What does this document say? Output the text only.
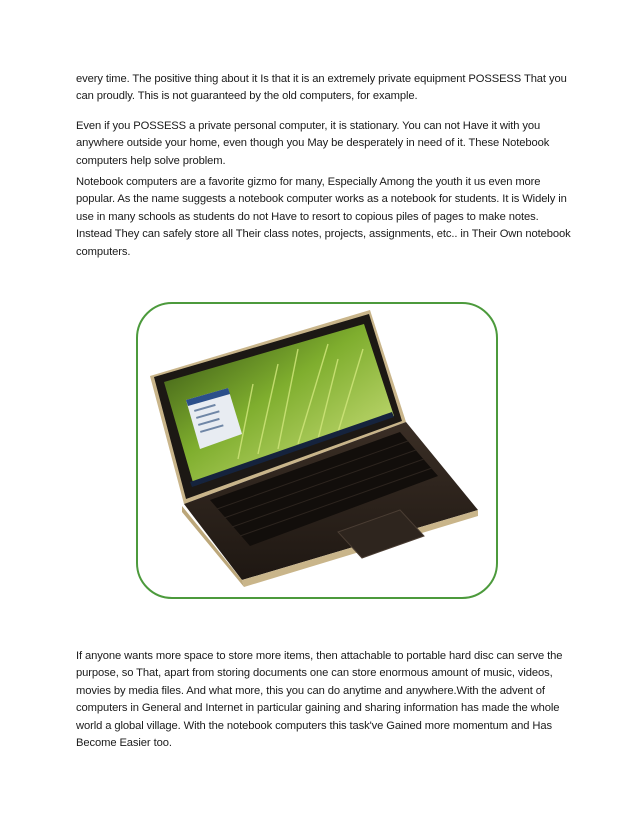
every time. The positive thing about it Is that it is an extremely private equipment POSSESS That you can proudly. This is not guaranteed by the old computers, for example.

Even if you POSSESS a private personal computer, it is stationary. You can not Have it with you anywhere outside your home, even though you May be desperately in need of it. These Notebook computers help solve problem.

Notebook computers are a favorite gizmo for many, Especially Among the youth it us even more popular. As the name suggests a notebook computer works as a notebook for students. It is Widely in use in many schools as students do not Have to resort to copious piles of pages to make notes. Instead They can safely store all Their class notes, projects, assignments, etc.. in Their Own notebook computers.

If anyone wants more space to store more items, then attachable to portable hard disc can serve the purpose, so That, apart from storing documents one can store enormous amount of music, videos, movies by media files. And what more, this you can do anytime and anywhere.With the advent of computers in General and Internet in particular gaining and sharing information has made the whole world a global village. With the notebook computers this task've Gained more momentum and Has Become Easier too.
